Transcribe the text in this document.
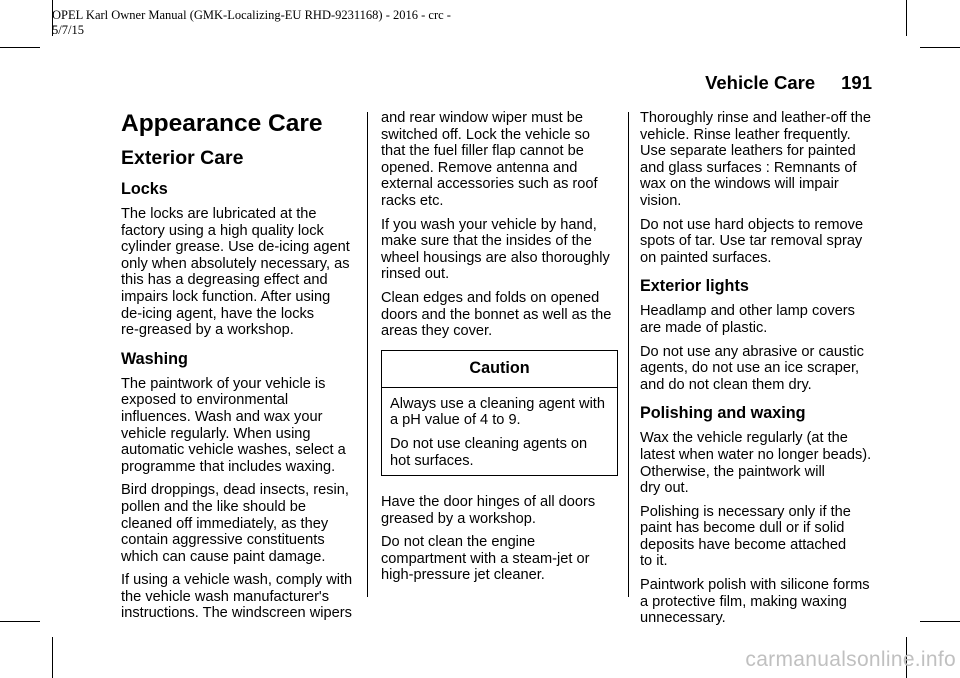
OPEL Karl Owner Manual (GMK-Localizing-EU RHD-9231168) - 2016 - crc -
5/7/15
Vehicle Care 191
Appearance Care
Exterior Care
Locks

The locks are lubricated at the
factory using a high quality lock
cylinder grease. Use de-icing agent
only when absolutely necessary, as
this has a degreasing effect and
impairs lock function. After using
de-icing agent, have the locks
re-greased by a workshop.

Washing

The paintwork of your vehicle is
exposed to environmental
influences. Wash and wax your
vehicle regularly. When using
automatic vehicle washes, select a
programme that includes waxing.

Bird droppings, dead insects, resin,
pollen and the like should be
cleaned off immediately, as they
contain aggressive constituents
which can cause paint damage.

If using a vehicle wash, comply with
the vehicle wash manufacturer's
instructions. The windscreen wipers

and rear window wiper must be
switched off. Lock the vehicle so
that the fuel filler flap cannot be
opened. Remove antenna and
external accessories such as roof
racks etc.

If you wash your vehicle by hand,
make sure that the insides of the
wheel housings are also thoroughly
rinsed out.

Clean edges and folds on opened
doors and the bonnet as well as the
areas they cover.

Caution

Always use a cleaning agent with
a pH value of 4 to 9.

Do not use cleaning agents on
hot surfaces.

Have the door hinges of all doors
greased by a workshop.

Do not clean the engine
compartment with a steam-jet or
high-pressure jet cleaner.

Thoroughly rinse and leather-off the
vehicle. Rinse leather frequently.
Use separate leathers for painted
and glass surfaces : Remnants of
wax on the windows will impair
vision.

Do not use hard objects to remove
spots of tar. Use tar removal spray
on painted surfaces.

Exterior lights

Headlamp and other lamp covers
are made of plastic.

Do not use any abrasive or caustic
agents, do not use an ice scraper,
and do not clean them dry.

Polishing and waxing

Wax the vehicle regularly (at the
latest when water no longer beads).
Otherwise, the paintwork will
dry out.

Polishing is necessary only if the
paint has become dull or if solid
deposits have become attached
to it.

Paintwork polish with silicone forms
a protective film, making waxing
unnecessary.

carmanualsonline.info
